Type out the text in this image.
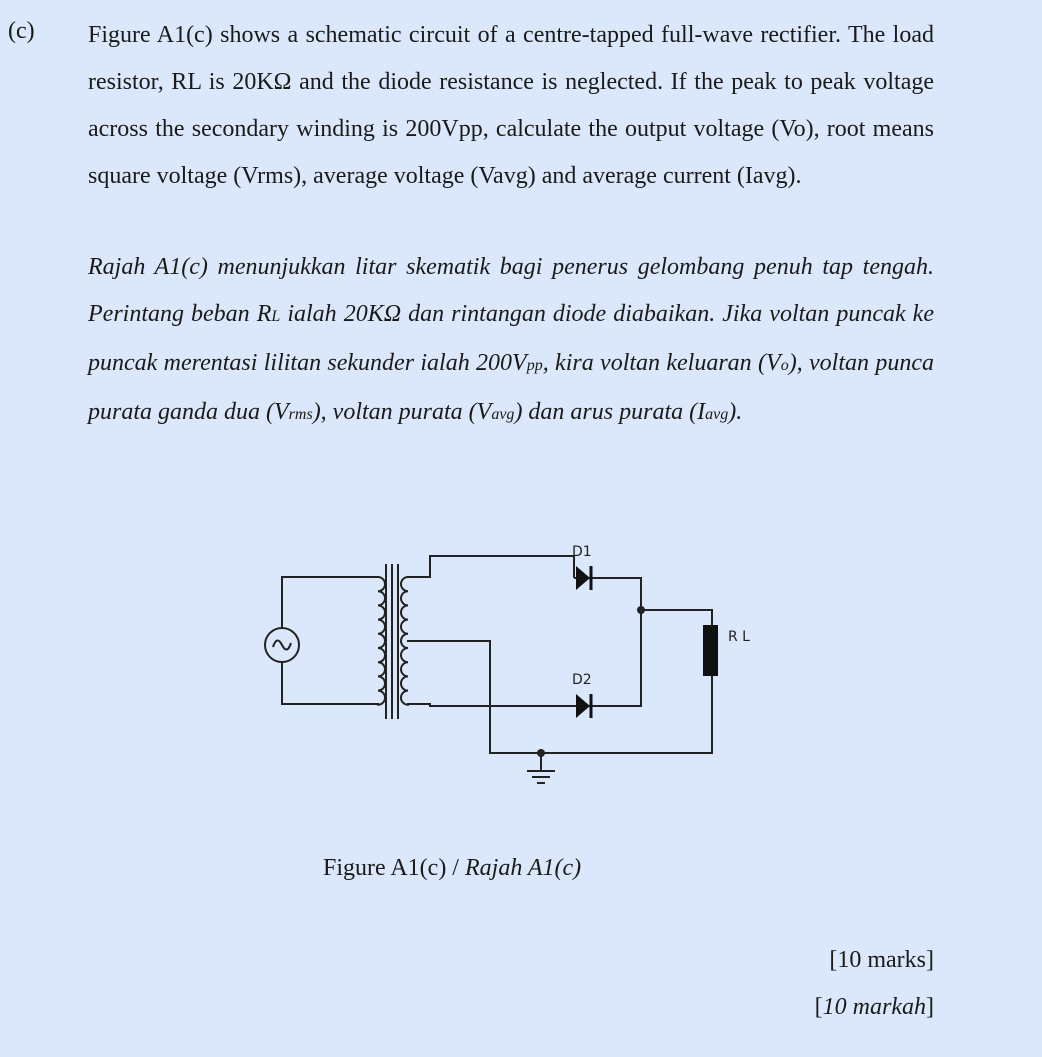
(c) Figure A1(c) shows a schematic circuit of a centre-tapped full-wave rectifier. The load resistor, RL is 20KΩ and the diode resistance is neglected. If the peak to peak voltage across the secondary winding is 200Vpp, calculate the output voltage (Vo), root means square voltage (Vrms), average voltage (Vavg) and average current (Iavg).

Rajah A1(c) menunjukkan litar skematik bagi penerus gelombang penuh tap tengah. Perintang beban RL ialah 20KΩ dan rintangan diode diabaikan. Jika voltan puncak ke puncak merentasi lilitan sekunder ialah 200Vpp, kira voltan keluaran (Vo), voltan punca purata ganda dua (Vrms), voltan purata (Vavg) dan arus purata (Iavg).

D1
D2
R L
Figure A1(c) / Rajah A1(c)
[10 marks]
[10 markah]
